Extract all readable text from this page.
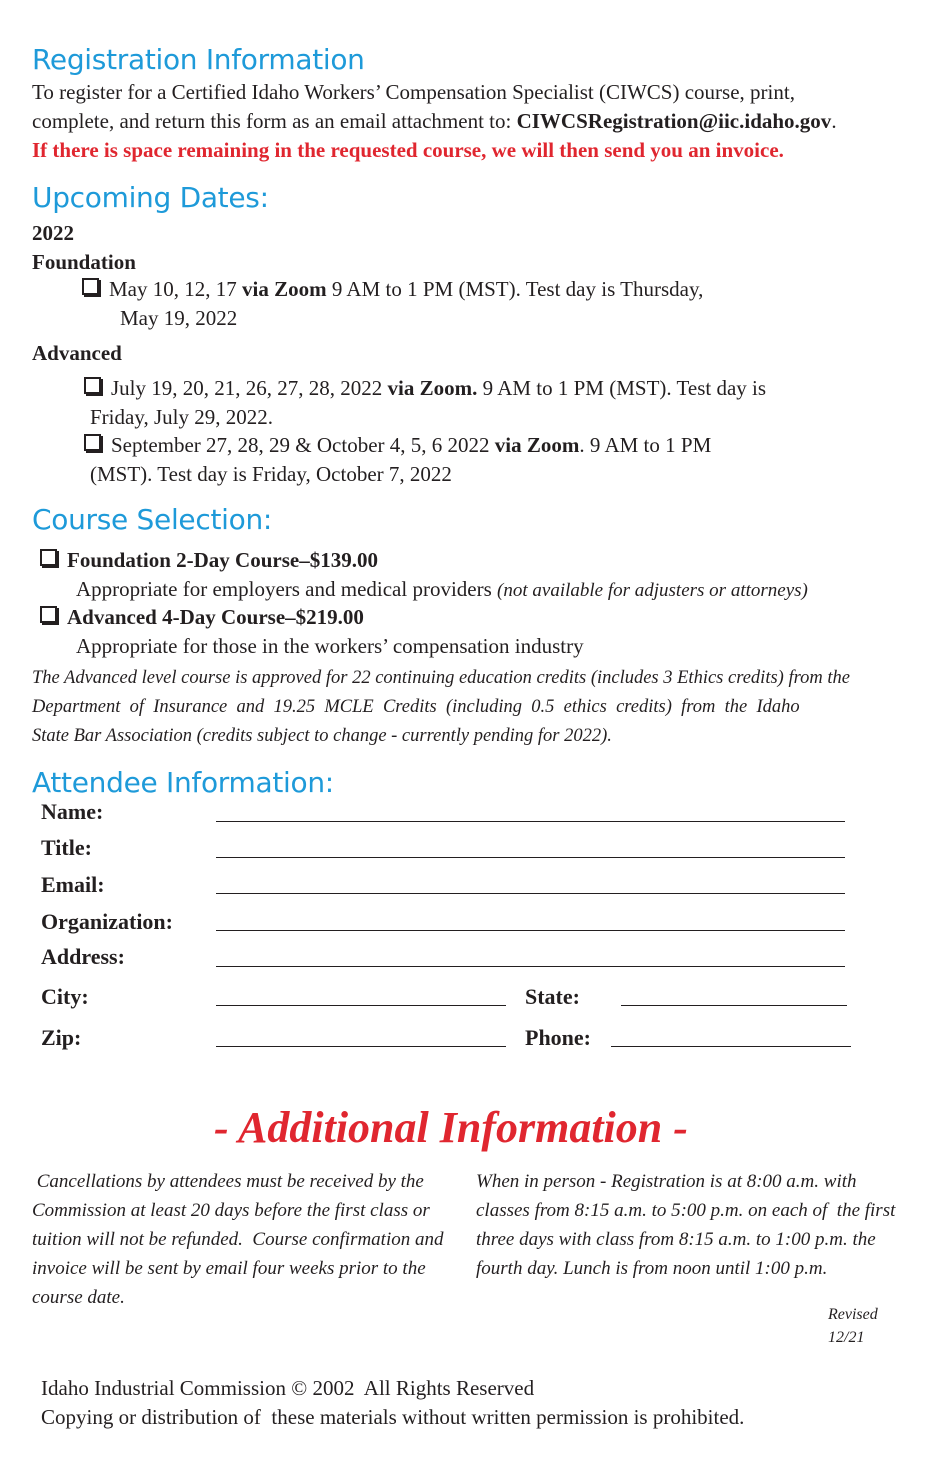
Registration Information
To register for a Certified Idaho Workers’ Compensation Specialist (CIWCS) course, print,
complete, and return this form as an email attachment to: CIWCSRegistration@iic.idaho.gov.
If there is space remaining in the requested course, we will then send you an invoice.
Upcoming Dates:
2022
Foundation
May 10, 12, 17 via Zoom 9 AM to 1 PM (MST). Test day is Thursday,
May 19, 2022
Advanced
July 19, 20, 21, 26, 27, 28, 2022 via Zoom. 9 AM to 1 PM (MST). Test day is
Friday, July 29, 2022.
September 27, 28, 29 & October 4, 5, 6 2022 via Zoom. 9 AM to 1 PM
(MST). Test day is Friday, October 7, 2022
Course Selection:
Foundation 2-Day Course–$139.00
Appropriate for employers and medical providers (not available for adjusters or attorneys)
Advanced 4-Day Course–$219.00
Appropriate for those in the workers’ compensation industry
The Advanced level course is approved for 22 continuing education credits (includes 3 Ethics credits) from the
Department  of  Insurance  and  19.25  MCLE  Credits  (including  0.5  ethics  credits)  from  the  Idaho
State Bar Association (credits subject to change - currently pending for 2022).
Attendee Information:
Name:
Title:
Email:
Organization:
Address:
City:	State:
Zip:	Phone:
- Additional Information -
Cancellations by attendees must be received by the
Commission at least 20 days before the first class or
tuition will not be refunded.  Course confirmation and
invoice will be sent by email four weeks prior to the
course date.
When in person - Registration is at 8:00 a.m. with
classes from 8:15 a.m. to 5:00 p.m. on each of  the first
three days with class from 8:15 a.m. to 1:00 p.m. the
fourth day. Lunch is from noon until 1:00 p.m.
Revised
12/21
Idaho Industrial Commission © 2002  All Rights Reserved
Copying or distribution of  these materials without written permission is prohibited.
